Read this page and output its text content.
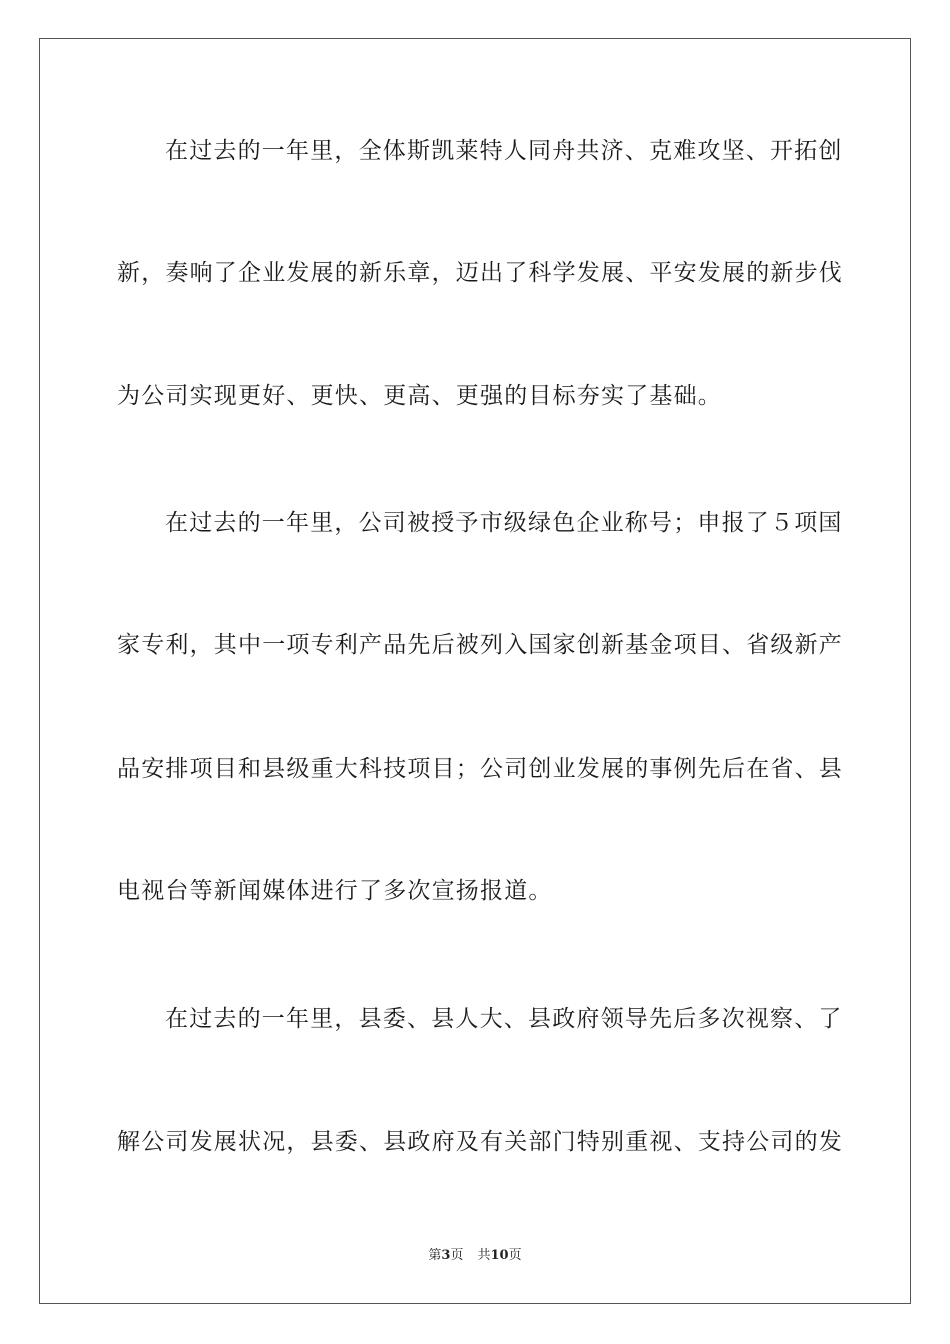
在过去的一年里，全体斯凯莱特人同舟共济、克难攻坚、开拓创
新，奏响了企业发展的新乐章，迈出了科学发展、平安发展的新步伐
为公司实现更好、更快、更高、更强的目标夯实了基础。
在过去的一年里，公司被授予市级绿色企业称号；申报了５项国
家专利，其中一项专利产品先后被列入国家创新基金项目、省级新产
品安排项目和县级重大科技项目；公司创业发展的事例先后在省、县
电视台等新闻媒体进行了多次宣扬报道。
在过去的一年里，县委、县人大、县政府领导先后多次视察、了
解公司发展状况，县委、县政府及有关部门特别重视、支持公司的发
第3页 共10页
